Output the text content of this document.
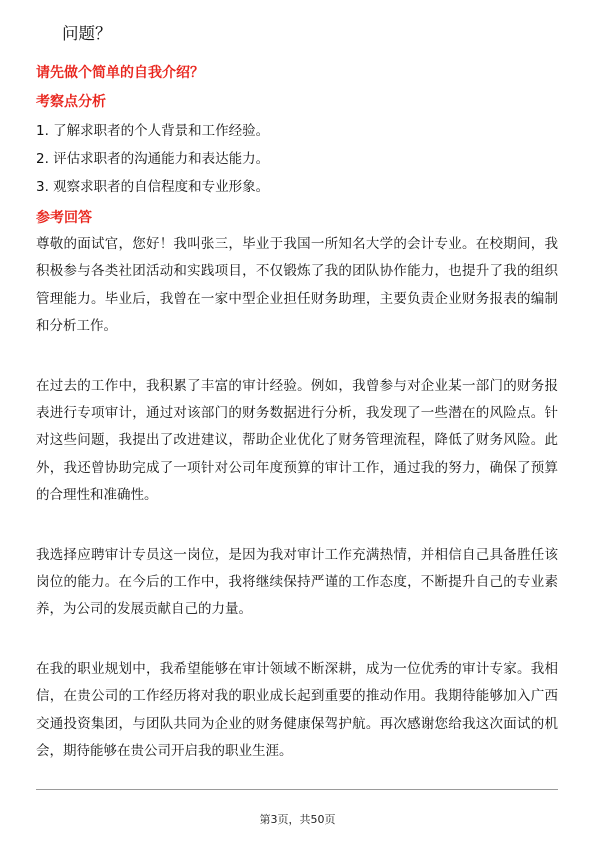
问题？
请先做个简单的自我介绍？
考察点分析
1. 了解求职者的个人背景和工作经验。
2. 评估求职者的沟通能力和表达能力。
3. 观察求职者的自信程度和专业形象。
参考回答

尊敬的面试官，您好！我叫张三，毕业于我国一所知名大学的会计专业。在校期间，我积极参与各类社团活动和实践项目，不仅锻炼了我的团队协作能力，也提升了我的组织管理能力。毕业后，我曾在一家中型企业担任财务助理，主要负责企业财务报表的编制和分析工作。

在过去的工作中，我积累了丰富的审计经验。例如，我曾参与对企业某一部门的财务报表进行专项审计，通过对该部门的财务数据进行分析，我发现了一些潜在的风险点。针对这些问题，我提出了改进建议，帮助企业优化了财务管理流程，降低了财务风险。此外，我还曾协助完成了一项针对公司年度预算的审计工作，通过我的努力，确保了预算的合理性和准确性。

我选择应聘审计专员这一岗位，是因为我对审计工作充满热情，并相信自己具备胜任该岗位的能力。在今后的工作中，我将继续保持严谨的工作态度，不断提升自己的专业素养，为公司的发展贡献自己的力量。

在我的职业规划中，我希望能够在审计领域不断深耕，成为一位优秀的审计专家。我相信，在贵公司的工作经历将对我的职业成长起到重要的推动作用。我期待能够加入广西交通投资集团，与团队共同为企业的财务健康保驾护航。再次感谢您给我这次面试的机会，期待能够在贵公司开启我的职业生涯。

第3页，共50页
